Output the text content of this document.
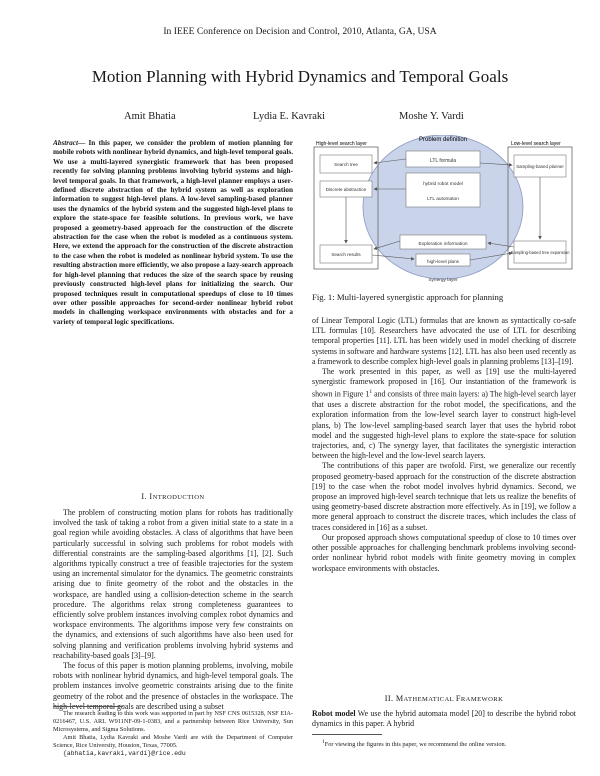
In IEEE Conference on Decision and Control, 2010, Atlanta, GA, USA
Motion Planning with Hybrid Dynamics and Temporal Goals
Amit Bhatia	Lydia E. Kavraki	Moshe Y. Vardi
Abstract— In this paper, we consider the problem of motion planning for mobile robots with nonlinear hybrid dynamics, and high-level temporal goals. We use a multi-layered synergistic framework that has been proposed recently for solving planning problems involving hybrid systems and high-level temporal goals. In that framework, a high-level planner employs a user-defined discrete abstraction of the hybrid system as well as exploration information to suggest high-level plans. A low-level sampling-based planner uses the dynamics of the hybrid system and the suggested high-level plans to explore the state-space for feasible solutions. In previous work, we have proposed a geometry-based approach for the construction of the discrete abstraction for the case when the robot is modeled as a continuous system. Here, we extend the approach for the construction of the discrete abstraction to the case when the robot is modeled as nonlinear hybrid system. To use the resulting abstraction more efficiently, we also propose a lazy-search approach for high-level planning that reduces the size of the search space by reusing previously constructed high-level plans for initializing the search. Our proposed techniques result in computational speedups of close to 10 times over other possible approaches for second-order nonlinear hybrid robot models in challenging workspace environments with obstacles and for a variety of temporal logic specifications.
I. INTRODUCTION

The problem of constructing motion plans for robots has traditionally involved the task of taking a robot from a given initial state to a state in a goal region while avoiding obstacles. A class of algorithms that have been particularly successful in solving such problems for robot models with differential constraints are the sampling-based algorithms [1], [2]. Such algorithms typically construct a tree of feasible trajectories for the system using an incremental simulator for the dynamics. The geometric constraints arising due to finite geometry of the robot and the obstacles in the workspace, are handled using a collision-detection scheme in the search procedure. The algorithms relax strong completeness guarantees to efficiently solve problem instances involving complex robot dynamics and workspace environments. The algorithms impose very few constraints on the dynamics, and extensions of such algorithms have also been used for solving planning and verification problems involving hybrid systems and reachability-based goals [3]–[9].

The focus of this paper is motion planning problems, involving, mobile robots with nonlinear hybrid dynamics, and high-level temporal goals. The problem instances involve geometric constraints arising due to the finite geometry of the robot and the presence of obstacles in the workspace. The high-level temporal goals are described using a subset

The research leading to this work was supported in part by NSF CNS 0615328, NSF EIA-0216467, U.S. ARL W911NF-09-1-0383, and a partnership between Rice University, Sun Microsystems, and Sigma Solutions.
Amit Bhatia, Lydia Kavraki and Moshe Vardi are with the Department of Computer Science, Rice University, Houston, Texas, 77005.
{abhatia,kavraki,vardi}@rice.edu
Problem definition
High-level search layer	Low-level search layer
Search tree
Discrete abstraction
Search results
Sampling-based planner
Sampling-based tree expansion
LTL formula
hybrid robot model
LTL automaton
Exploration information
high-level plans
Synergy layer
Fig. 1: Multi-layered synergistic approach for planning

of Linear Temporal Logic (LTL) formulas that are known as syntactically co-safe LTL formulas [10]. Researchers have advocated the use of LTL for describing temporal properties [11]. LTL has been widely used in model checking of discrete systems in software and hardware systems [12]. LTL has also been used recently as a framework to describe complex high-level goals in planning problems [13]–[19].

The work presented in this paper, as well as [19] use the multi-layered synergistic framework proposed in [16]. Our instantiation of the framework is shown in Figure $1^1$ and consists of three main layers: a) The high-level search layer that uses a discrete abstraction for the robot model, the specifications, and the exploration information from the low-level search layer to construct high-level plans, b) The low-level sampling-based search layer that uses the hybrid robot model and the suggested high-level plans to explore the state-space for solution trajectories, and, c) The synergy layer, that facilitates the synergistic interaction between the high-level and the low-level search layers.

The contributions of this paper are twofold. First, we generalize our recently proposed geometry-based approach for the construction of the discrete abstraction [19] to the case when the robot model involves hybrid dynamics. Second, we propose an improved high-level search technique that lets us realize the benefits of using geometry-based discrete abstraction more effectively. As in [19], we follow a more general approach to construct the discrete traces, which includes the class of traces considered in [16] as a subset.

Our proposed approach shows computational speedup of close to 10 times over other possible approaches for challenging benchmark problems involving second-order nonlinear hybrid robot models with finite geometry moving in complex workspace environments with obstacles.

II. MATHEMATICAL FRAMEWORK

Robot model We use the hybrid automata model [20] to describe the hybrid robot dynamics in this paper. A hybrid

$^1$For viewing the figures in this paper, we recommend the online version.
